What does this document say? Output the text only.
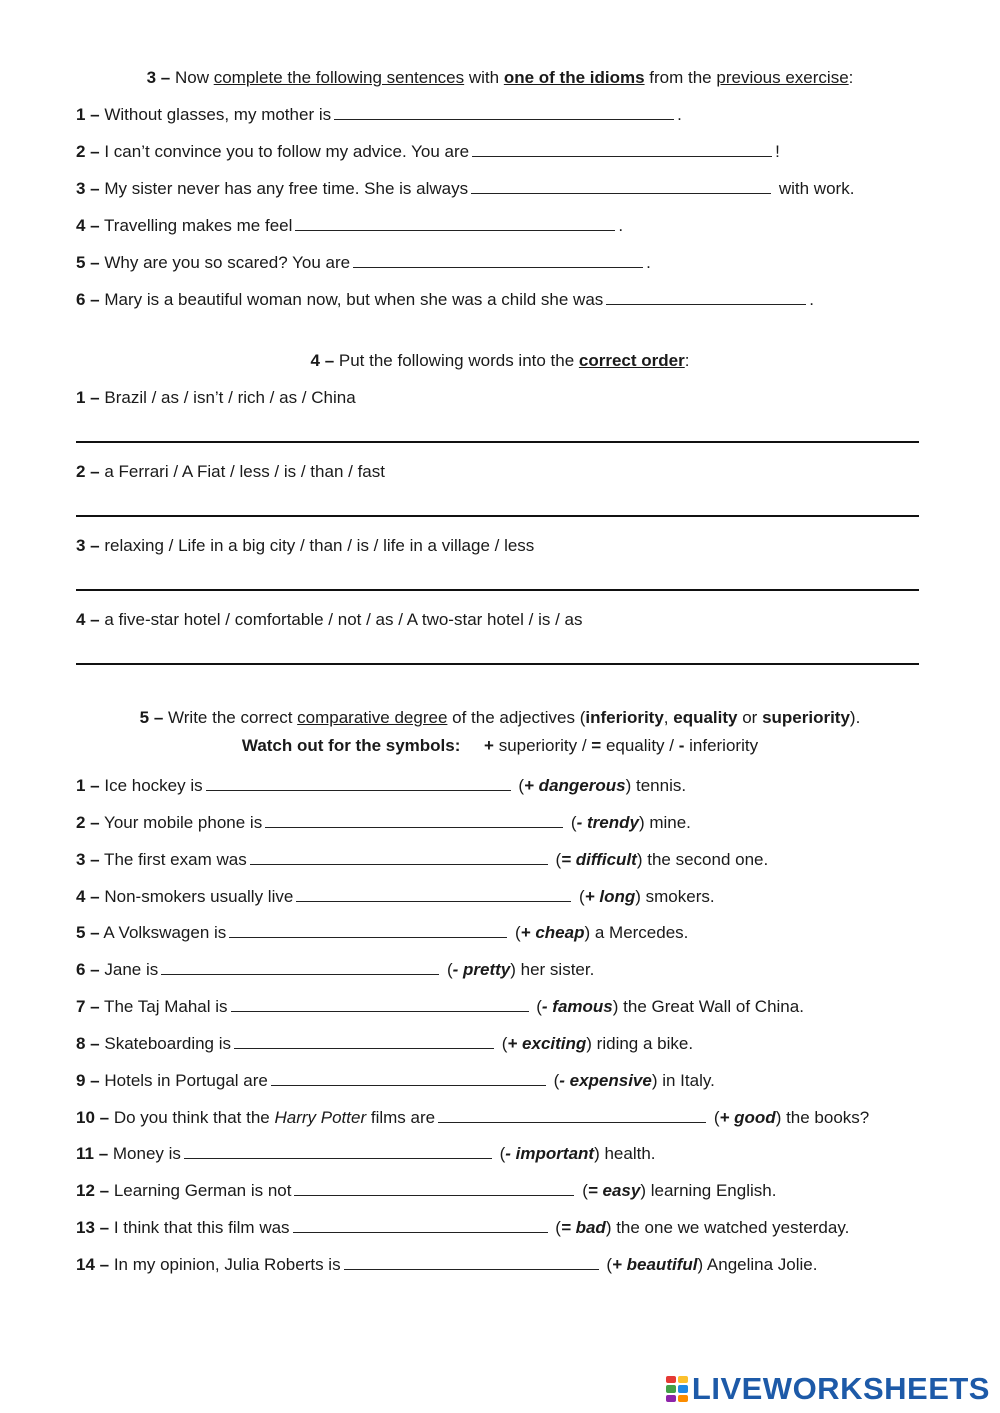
3 – Now complete the following sentences with one of the idioms from the previous exercise:
1 – Without glasses, my mother is	.
2 – I can’t convince you to follow my advice. You are	!
3 – My sister never has any free time. She is always	with work.
4 – Travelling makes me feel	.
5 – Why are you so scared? You are	.
6 – Mary is a beautiful woman now, but when she was a child she was	.
4 – Put the following words into the correct order:
1 – Brazil / as / isn’t / rich / as / China
2 – a Ferrari / A Fiat / less / is / than / fast
3 – relaxing / Life in a big city / than / is / life in a village / less
4 – a five-star hotel / comfortable / not / as / A two-star hotel / is / as
5 – Write the correct comparative degree of the adjectives (inferiority, equality or superiority).
Watch out for the symbols: + superiority / = equality / - inferiority
1 – Ice hockey is	(+ dangerous) tennis.
2 – Your mobile phone is	(- trendy) mine.
3 – The first exam was	(= difficult) the second one.
4 – Non-smokers usually live	(+ long) smokers.
5 – A Volkswagen is	(+ cheap) a Mercedes.
6 – Jane is	(- pretty) her sister.
7 – The Taj Mahal is	(- famous) the Great Wall of China.
8 – Skateboarding is	(+ exciting) riding a bike.
9 – Hotels in Portugal are	(- expensive) in Italy.
10 – Do you think that the Harry Potter films are	(+ good) the books?
11 – Money is	(- important) health.
12 – Learning German is not	(= easy) learning English.
13 – I think that this film was	(= bad) the one we watched yesterday.
14 – In my opinion, Julia Roberts is	(+ beautiful) Angelina Jolie.
LIVEWORKSHEETS
